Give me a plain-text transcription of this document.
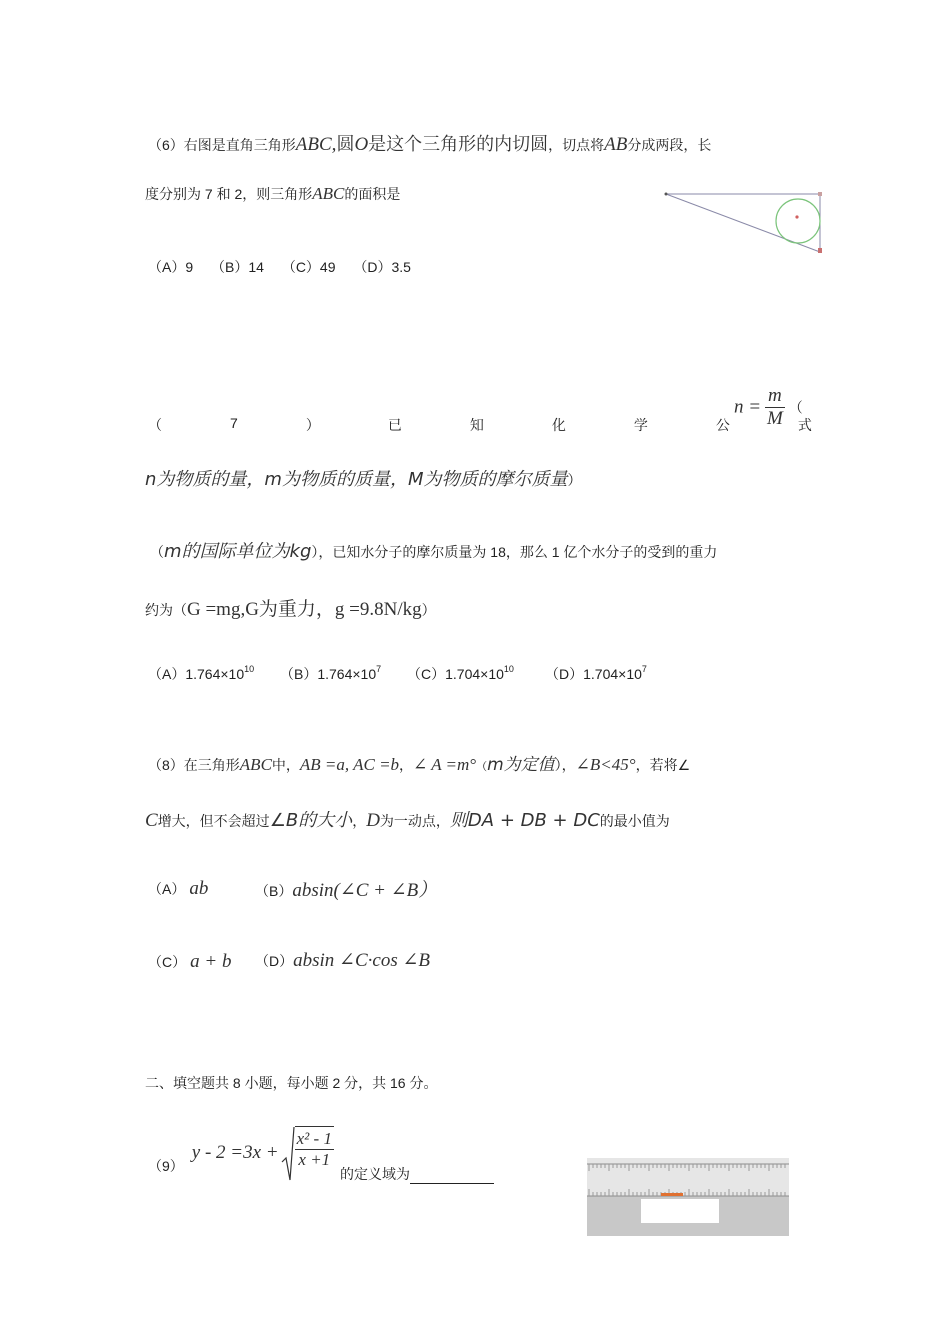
（6）右图是直角三角形ABC,圆O是这个三角形的内切圆，切点将AB分成两段，长
度分别为 7 和 2，则三角形ABC的面积是
（A）9　 （B）14　 （C）49　 （D）3.5
（	7	）	已	知	化	学	公	式
$n = \frac{m}{M}$ （
n为物质的量，m为物质的质量，M为物质的摩尔质量）
（m的国际单位为kg），已知水分子的摩尔质量为 18，那么 1 亿个水分子的受到的重力
约为（G =mg,G为重力，g =9.8N/kg）
$(A)1.764\times 10^{10}$ $(B)1.764\times 10^7$ $(C)1.704\times 10^{10}$ $(D)1.704\times 10^7$
（8）在三角形ABC中，AB =a, AC =b，∠ A =m°（m为定值），∠B<45°，若将∠
C增大，但不会超过∠B的大小，D为一动点，则DA + DB + DC的最小值为
（A） ab	（B）absin(∠C + ∠B）
（C） a + b （D）absin ∠C·cos ∠B
二、填空题共 8 小题，每小题 2 分，共 16 分。
（9）
$y - 2 =3x + \frac{\text{x² - 1}}{x +1}$ 的定义域为
